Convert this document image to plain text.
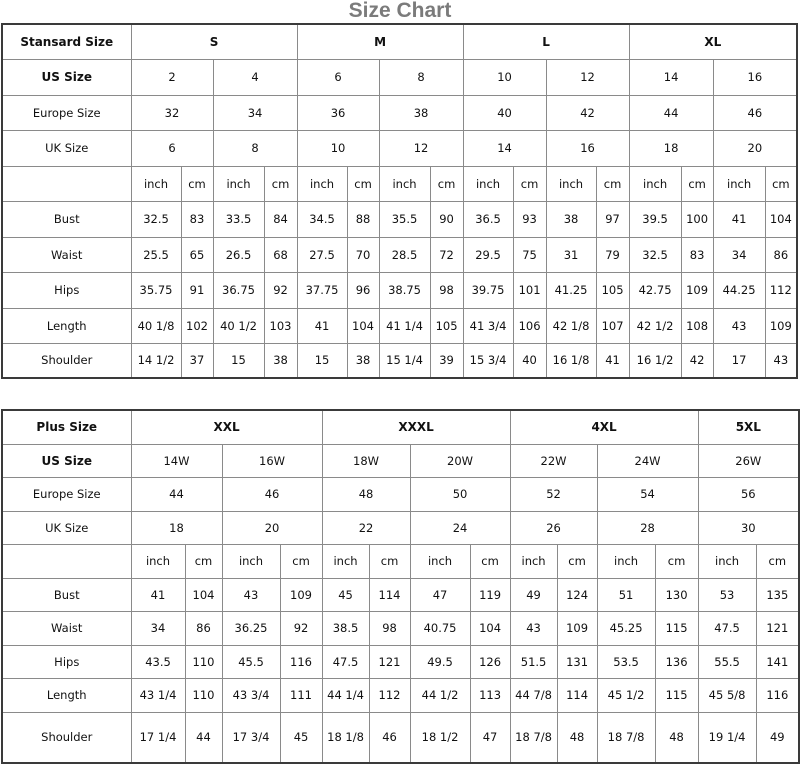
Size Chart
Stansard Size	S				M				L				XL			
US Size	2		4		6		8		10		12		14		16	
Europe Size	32		34		36		38		40		42		44		46	
UK Size	6		8		10		12		14		16		18		20	
	inch	cm	inch	cm	inch	cm	inch	cm	inch	cm	inch	cm	inch	cm	inch	cm
Bust	32.5	83	33.5	84	34.5	88	35.5	90	36.5	93	38	97	39.5	100	41	104
Waist	25.5	65	26.5	68	27.5	70	28.5	72	29.5	75	31	79	32.5	83	34	86
Hips	35.75	91	36.75	92	37.75	96	38.75	98	39.75	101	41.25	105	42.75	109	44.25	112
Length	40 1/8	102	40 1/2	103	41	104	41 1/4	105	41 3/4	106	42 1/8	107	42 1/2	108	43	109
Shoulder	14 1/2	37	15	38	15	38	15 1/4	39	15 3/4	40	16 1/8	41	16 1/2	42	17	43
Plus Size	XXL				XXXL				4XL				5XL	
US Size	14W		16W		18W		20W		22W		24W		26W	
Europe Size	44		46		48		50		52		54		56	
UK Size	18		20		22		24		26		28		30	
	inch	cm	inch	cm	inch	cm	inch	cm	inch	cm	inch	cm	inch	cm
Bust	41	104	43	109	45	114	47	119	49	124	51	130	53	135
Waist	34	86	36.25	92	38.5	98	40.75	104	43	109	45.25	115	47.5	121
Hips	43.5	110	45.5	116	47.5	121	49.5	126	51.5	131	53.5	136	55.5	141
Length	43 1/4	110	43 3/4	111	44 1/4	112	44 1/2	113	44 7/8	114	45 1/2	115	45 5/8	116
Shoulder	17 1/4	44	17 3/4	45	18 1/8	46	18 1/2	47	18 7/8	48	18 7/8	48	19 1/4	49
